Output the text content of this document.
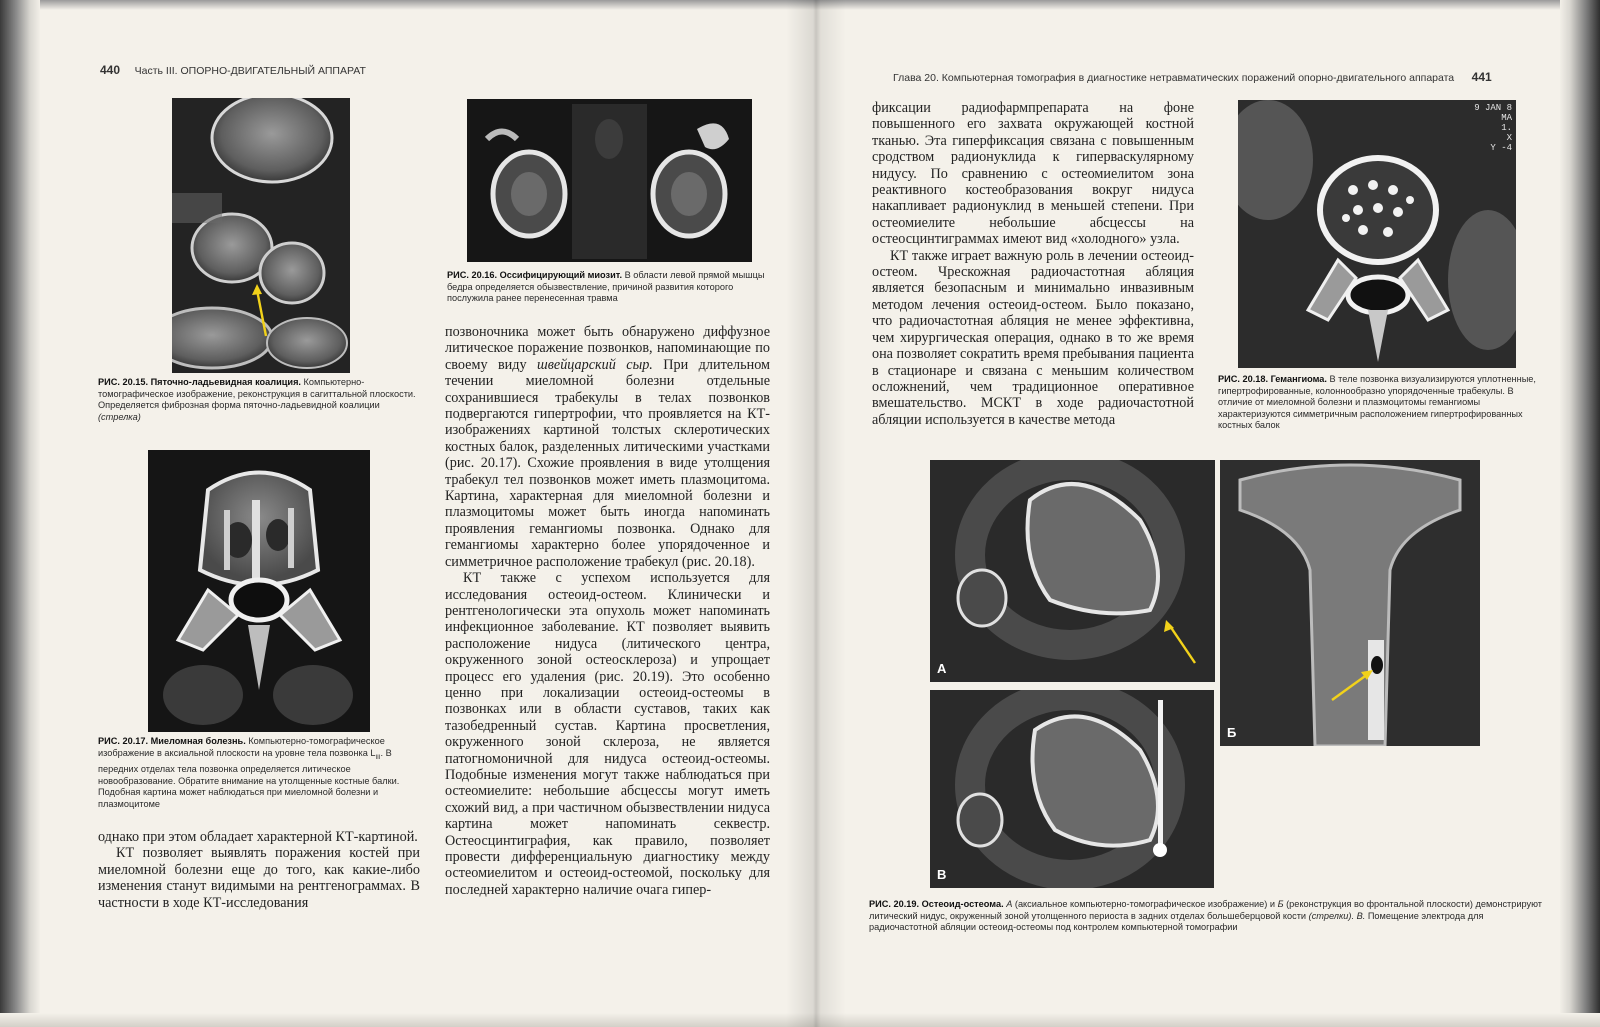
440 Часть III. ОПОРНО-ДВИГАТЕЛЬНЫЙ АППАРАТ
РИС. 20.15. Пяточно-ладьевидная коалиция. Компьютерно-томографическое изображение, реконструкция в сагиттальной плоскости. Определяется фиброзная форма пяточно-ладьевидной коалиции (стрелка)
РИС. 20.17. Миеломная болезнь. Компьютерно-томографическое изображение в аксиальной плоскости на уровне тела позвонка $L_{III}$. В передних отделах тела позвонка определяется литическое новообразование. Обратите внимание на утолщенные костные балки. Подобная картина может наблюдаться при миеломной болезни и плазмоцитоме

однако при этом обладает характерной КТ-картиной.

КТ позволяет выявлять поражения костей при миеломной болезни еще до того, как какие-либо изменения станут видимыми на рентгенограммах. В частности в ходе КТ-исследования

РИС. 20.16. Оссифицирующий миозит. В области левой прямой мышцы бедра определяется обызвествление, причиной развития которого послужила ранее перенесенная травма

позвоночника может быть обнаружено диффузное литическое поражение позвонков, напоминающие по своему виду швейцарский сыр. При длительном течении миеломной болезни отдельные сохранившиеся трабекулы в телах позвонков подвергаются гипертрофии, что проявляется на КТ-изображениях картиной толстых склеротических костных балок, разделенных литическими участками (рис. 20.17). Схожие проявления в виде утолщения трабекул тел позвонков может иметь плазмоцитома. Картина, характерная для миеломной болезни и плазмоцитомы может быть иногда напоминать проявления гемангиомы позвонка. Однако для гемангиомы характерно более упорядоченное и симметричное расположение трабекул (рис. 20.18).

КТ также с успехом используется для исследования остеоид-остеом. Клинически и рентгенологически эта опухоль может напоминать инфекционное заболевание. КТ позволяет выявить расположение нидуса (литического центра, окруженного зоной остеосклероза) и упрощает процесс его удаления (рис. 20.19). Это особенно ценно при локализации остеоид-остеомы в позвонках или в области суставов, таких как тазобедренный сустав. Картина просветления, окруженного зоной склероза, не является патогномоничной для нидуса остеоид-остеомы. Подобные изменения могут также наблюдаться при остеомиелите: небольшие абсцессы могут иметь схожий вид, а при частичном обызвествлении нидуса картина может напоминать секвестр. Остеосцинтиграфия, как правило, позволяет провести дифференциальную диагностику между остеомиелитом и остеоид-остеомой, поскольку для последней характерно наличие очага гипер-

Глава 20. Компьютерная томография в диагностике нетравматических поражений опорно-двигательного аппарата 441

фиксации радиофармпрепарата на фоне повышенного его захвата окружающей костной тканью. Эта гиперфиксация связана с повышенным сродством радионуклида к гиперваскулярному нидусу. По сравнению с остеомиелитом зона реактивного костеобразования вокруг нидуса накапливает радионуклид в меньшей степени. При остеомиелите небольшие абсцессы на остеосцинтиграммах имеют вид «холодного» узла.

КТ также играет важную роль в лечении остеоид-остеом. Чрескожная радиочастотная абляция является безопасным и минимально инвазивным методом лечения остеоид-остеом. Было показано, что радиочастотная абляция не менее эффективна, чем хирургическая операция, однако в то же время она позволяет сократить время пребывания пациента в стационаре и связана с меньшим количеством осложнений, чем традиционное оперативное вмешательство. МСКТ в ходе радиочастотной абляции используется в качестве метода

9 JAN 8
MA
1.
X
Y -4
РИС. 20.18. Гемангиома. В теле позвонка визуализируются уплотненные, гипертрофированные, колоннообразно упорядоченные трабекулы. В отличие от миеломной болезни и плазмоцитомы гемангиомы характеризуются симметричным расположением гипертрофированных костных балок
А
В
Б
РИС. 20.19. Остеоид-остеома. А (аксиальное компьютерно-томографическое изображение) и Б (реконструкция во фронтальной плоскости) демонстрируют литический нидус, окруженный зоной утолщенного периоста в задних отделах большеберцовой кости (стрелки). В. Помещение электрода для радиочастотной абляции остеоид-остеомы под контролем компьютерной томографии
